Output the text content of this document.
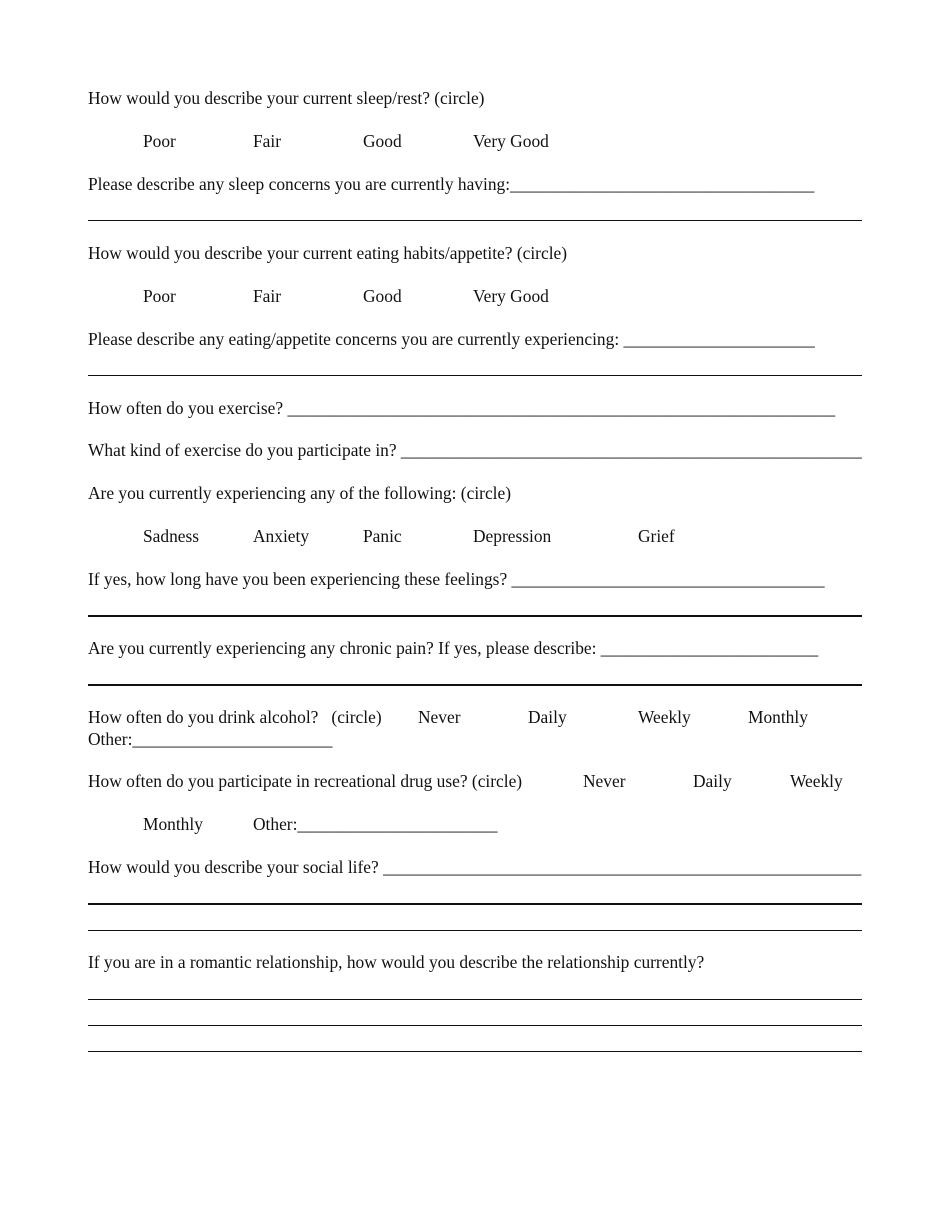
How would you describe your current sleep/rest? (circle)
Poor	Fair	Good	Very Good
Please describe any sleep concerns you are currently having:___________________________________
How would you describe your current eating habits/appetite? (circle)
Poor	Fair	Good	Very Good
Please describe any eating/appetite concerns you are currently experiencing: ______________________
How often do you exercise? _______________________________________________________________
What kind of exercise do you participate in? _____________________________________________________
Are you currently experiencing any of the following: (circle)
Sadness	Anxiety	Panic	Depression	Grief
If yes, how long have you been experiencing these feelings? ____________________________________
Are you currently experiencing any chronic pain? If yes, please describe: _________________________
How often do you drink alcohol?   (circle) Never	Daily	Weekly	Monthly
Other:_______________________
How often do you participate in recreational drug use? (circle)	Never	Daily	Weekly
Monthly	Other:_______________________
How would you describe your social life? _______________________________________________________
If you are in a romantic relationship, how would you describe the relationship currently?
